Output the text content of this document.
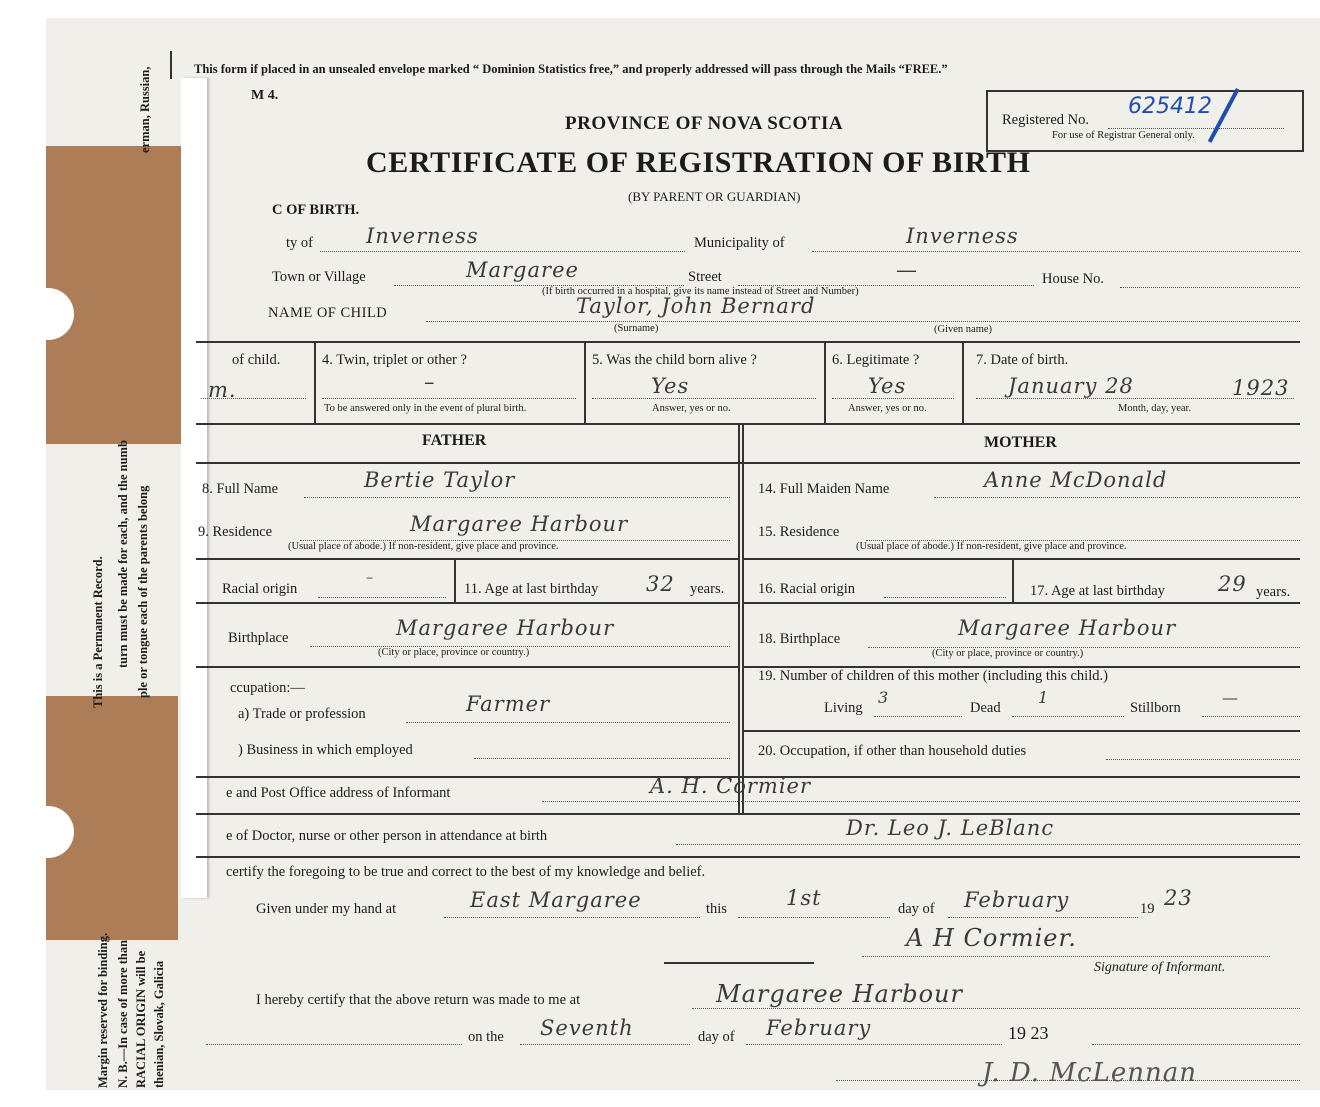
This is a Permanent Record.
Margin reserved for binding. N. B.—In case of more than
turn must be made for each, and the numb
RACIAL ORIGIN will be
ple or tongue each of the parents belong
thenian, Slovak, Galicia
erman, Russian,	This form if placed in an unsealed envelope marked “ Dominion Statistics free,” and properly addressed will pass through the Mails “FREE.”
M 4.
PROVINCE OF NOVA SCOTIA
CERTIFICATE OF REGISTRATION OF BIRTH
(BY PARENT OR GUARDIAN)
Registered No.
625412
For use of Registrar General only.
C OF BIRTH.
ty of	Inverness	Municipality of	Inverness
Town or Village	Margaree	Street	—	House No.
(If birth occurred in a hospital, give its name instead of Street and Number)
NAME OF CHILD	Taylor, John Bernard
(Surname)	(Given name)
of child.
m.
4. Twin, triplet or other ?
–
To be answered only in the event of plural birth.
5. Was the child born alive ?
Yes
Answer, yes or no.
6. Legitimate ?
Yes
Answer, yes or no.
7. Date of birth.
January 28	1923
Month, day, year.
FATHER	MOTHER
8. Full Name	Bertie Taylor
9. Residence	Margaree Harbour
(Usual place of abode.) If non-resident, give place and province.
Racial origin
–
11. Age at last birthday 32 years.
Birthplace	Margaree Harbour
(City or place, province or country.)
ccupation:—
a) Trade or profession	Farmer
) Business in which employed
14. Full Maiden Name	Anne McDonald
15. Residence
(Usual place of abode.) If non-resident, give place and province.
16. Racial origin	17. Age at last birthday	29 years.
18. Birthplace	Margaree Harbour
(City or place, province or country.)
19. Number of children of this mother (including this child.)
Living
3
Dead
1
Stillborn
—
20. Occupation, if other than household duties
e and Post Office address of Informant	A. H. Cormier
e of Doctor, nurse or other person in attendance at birth	Dr. Leo J. LeBlanc
certify the foregoing to be true and correct to the best of my knowledge and belief.
Given under my hand at	East Margaree	this	1st	day of February	19 23
A H Cormier.
Signature of Informant.
I hereby certify that the above return was made to me at	Margaree Harbour
on the Seventh	day of February	19 23
J. D. McLennan
